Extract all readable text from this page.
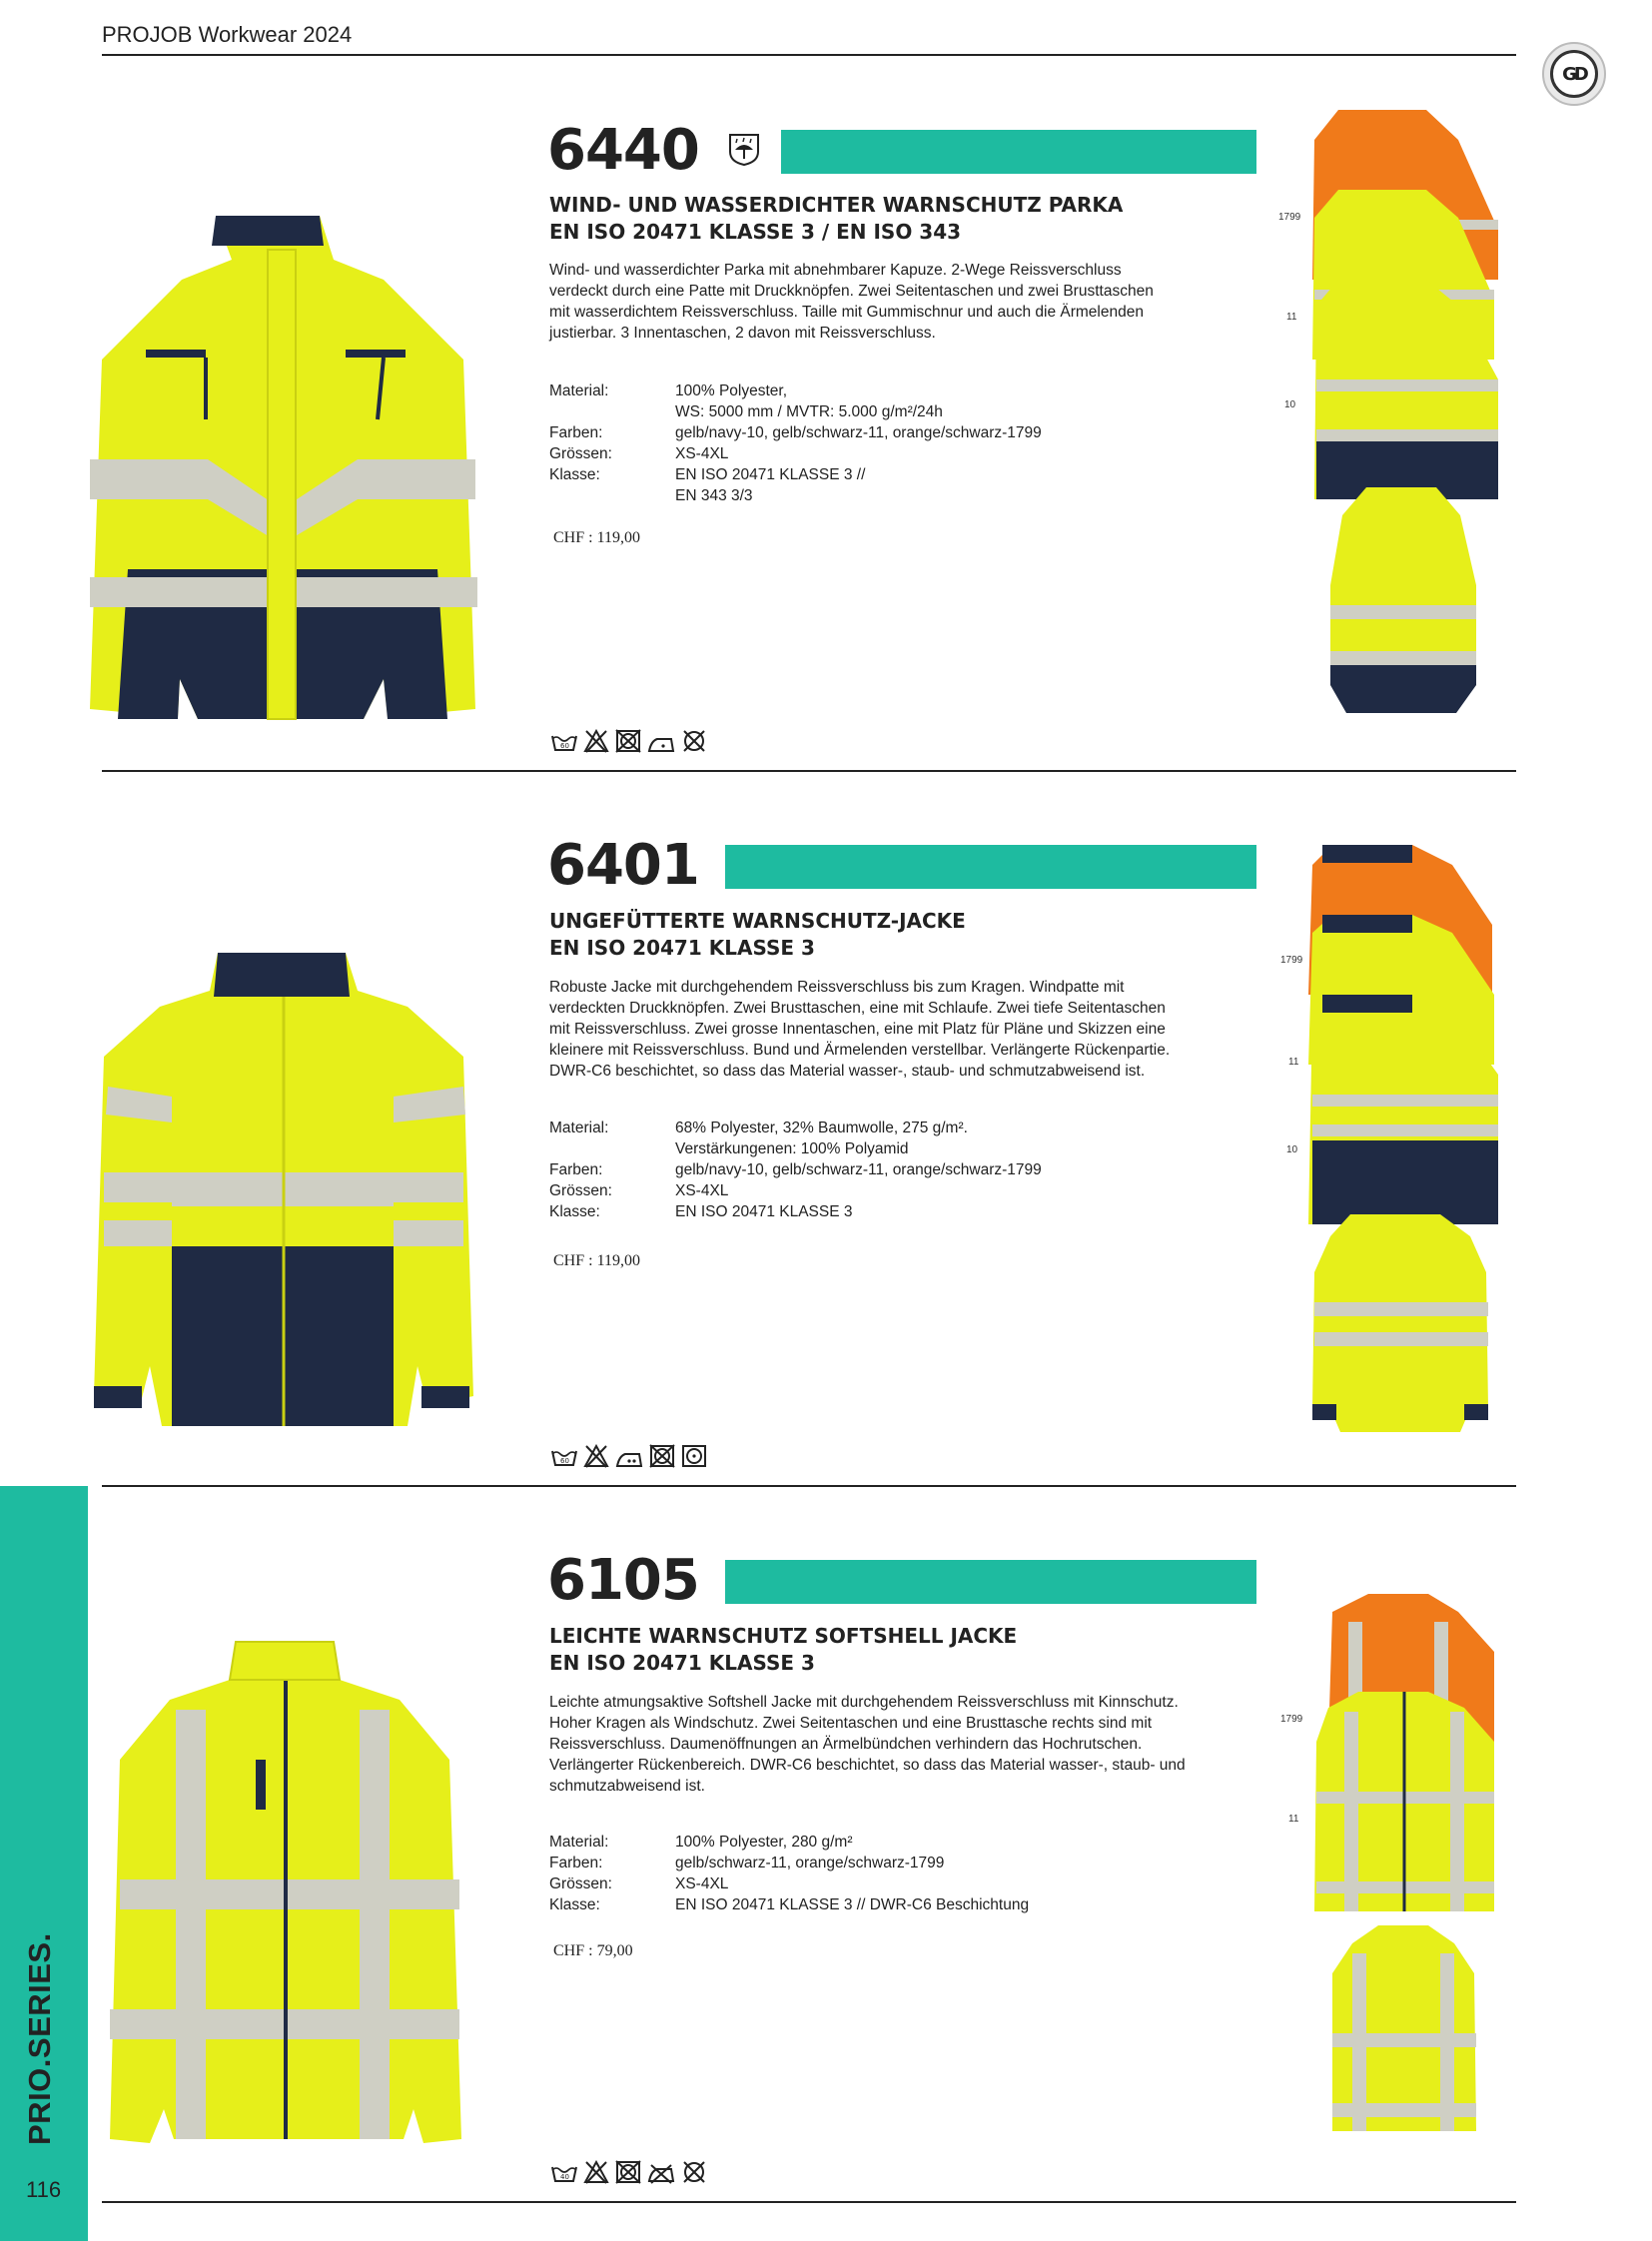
PROJOB Workwear 2024
GD
PRIO.SERIES.
116
6440
WIND- UND WASSERDICHTER WARNSCHUTZ PARKA
EN ISO 20471 KLASSE 3 / EN ISO 343
Wind- und wasserdichter Parka mit abnehmbarer Kapuze. 2-Wege Reissverschluss
verdeckt durch eine Patte mit Druckknöpfen. Zwei Seitentaschen und zwei Brusttaschen
mit wasserdichtem Reissverschluss. Taille mit Gummischnur und auch die Ärmelenden
justierbar. 3 Innentaschen, 2 davon mit Reissverschluss.
Material:	100% Polyester,
WS: 5000 mm / MVTR: 5.000 g/m²/24h
Farben:	gelb/navy-10, gelb/schwarz-11, orange/schwarz-1799
Grössen:	XS-4XL
Klasse:	EN ISO 20471 KLASSE 3 //
EN 343 3/3
CHF : 119,00
60
1799
11
10
6401
UNGEFÜTTERTE WARNSCHUTZ-JACKE
EN ISO 20471 KLASSE 3
Robuste Jacke mit durchgehendem Reissverschluss bis zum Kragen. Windpatte mit
verdeckten Druckknöpfen. Zwei Brusttaschen, eine mit Schlaufe. Zwei tiefe Seitentaschen
mit Reissverschluss. Zwei grosse Innentaschen, eine mit Platz für Pläne und Skizzen eine
kleinere mit Reissverschluss. Bund und Ärmelenden verstellbar. Verlängerte Rückenpartie.
DWR-C6 beschichtet, so dass das Material wasser-, staub- und schmutzabweisend ist.
Material:	68% Polyester, 32% Baumwolle, 275 g/m².
Verstärkungenen: 100% Polyamid
Farben:	gelb/navy-10, gelb/schwarz-11, orange/schwarz-1799
Grössen:	XS-4XL
Klasse:	EN ISO 20471 KLASSE 3
CHF : 119,00
60
1799
11
10
6105
LEICHTE WARNSCHUTZ SOFTSHELL JACKE
EN ISO 20471 KLASSE 3
Leichte atmungsaktive Softshell Jacke mit durchgehendem Reissverschluss mit Kinnschutz.
Hoher Kragen als Windschutz. Zwei Seitentaschen und eine Brusttasche rechts sind mit
Reissverschluss. Daumenöffnungen an Ärmelbündchen verhindern das Hochrutschen.
Verlängerter Rückenbereich. DWR-C6 beschichtet, so dass das Material wasser-, staub- und
schmutzabweisend ist.
Material:	100% Polyester, 280 g/m²
Farben:	gelb/schwarz-11, orange/schwarz-1799
Grössen:	XS-4XL
Klasse:	EN ISO 20471 KLASSE 3 // DWR-C6 Beschichtung
CHF : 79,00
40
1799
11
